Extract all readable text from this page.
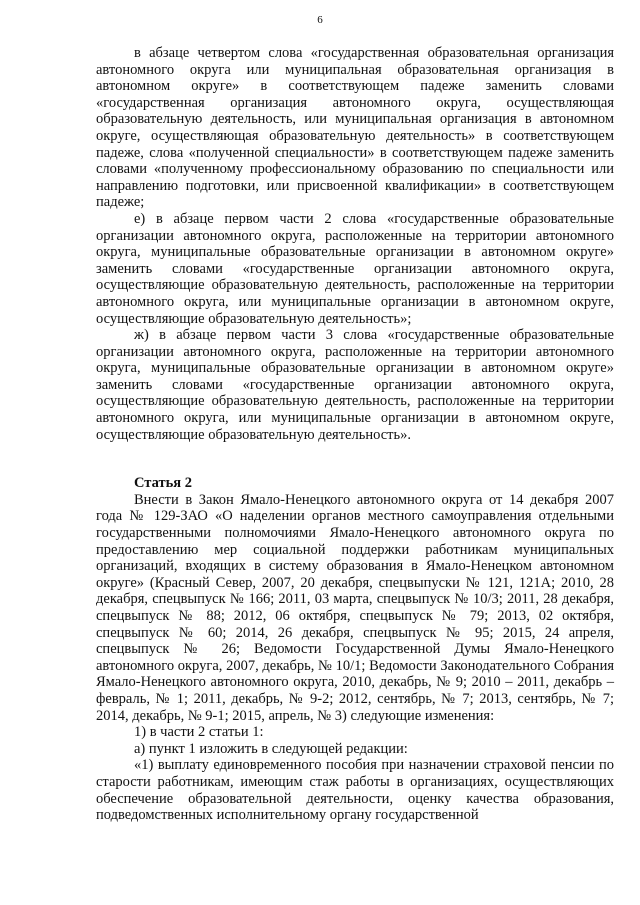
6

в абзаце четвертом слова «государственная образовательная организация автономного округа или муниципальная образовательная организация в автономном округе» в соответствующем падеже заменить словами «государственная организация автономного округа, осуществляющая образовательную деятельность, или муниципальная организация в автономном округе, осуществляющая образовательную деятельность» в соответствующем падеже, слова «полученной специальности» в соответствующем падеже заменить словами «полученному профессиональному образованию по специальности или направлению подготовки, или присвоенной квалификации» в соответствующем падеже;

е) в абзаце первом части 2 слова «государственные образовательные организации автономного округа, расположенные на территории автономного округа, муниципальные образовательные организации в автономном округе» заменить словами «государственные организации автономного округа, осуществляющие образовательную деятельность, расположенные на территории автономного округа, или муниципальные организации в автономном округе, осуществляющие образовательную деятельность»;

ж) в абзаце первом части 3 слова «государственные образовательные организации автономного округа, расположенные на территории автономного округа, муниципальные образовательные организации в автономном округе» заменить словами «государственные организации автономного округа, осуществляющие образовательную деятельность, расположенные на территории автономного округа, или муниципальные организации в автономном округе, осуществляющие образовательную деятельность».

Статья 2

Внести в Закон Ямало-Ненецкого автономного округа от 14 декабря 2007 года № 129-ЗАО «О наделении органов местного самоуправления отдельными государственными полномочиями Ямало-Ненецкого автономного округа по предоставлению мер социальной поддержки работникам муниципальных организаций, входящих в систему образования в Ямало-Ненецком автономном округе» (Красный Север, 2007, 20 декабря, спецвыпуски № 121, 121А; 2010, 28 декабря, спецвыпуск № 166; 2011, 03 марта, спецвыпуск № 10/3; 2011, 28 декабря, спецвыпуск № 88; 2012, 06 октября, спецвыпуск № 79; 2013, 02 октября, спецвыпуск № 60; 2014, 26 декабря, спецвыпуск № 95; 2015, 24 апреля, спецвыпуск № 26; Ведомости Государственной Думы Ямало-Ненецкого автономного округа, 2007, декабрь, № 10/1; Ведомости Законодательного Собрания Ямало-Ненецкого автономного округа, 2010, декабрь, № 9; 2010 – 2011, декабрь – февраль, № 1; 2011, декабрь, № 9-2; 2012, сентябрь, № 7; 2013, сентябрь, № 7; 2014, декабрь, № 9-1; 2015, апрель, № 3) следующие изменения:

1) в части 2 статьи 1:

а) пункт 1 изложить в следующей редакции:

«1) выплату единовременного пособия при назначении страховой пенсии по старости работникам, имеющим стаж работы в организациях, осуществляющих обеспечение образовательной деятельности, оценку качества образования, подведомственных исполнительному органу государственной
